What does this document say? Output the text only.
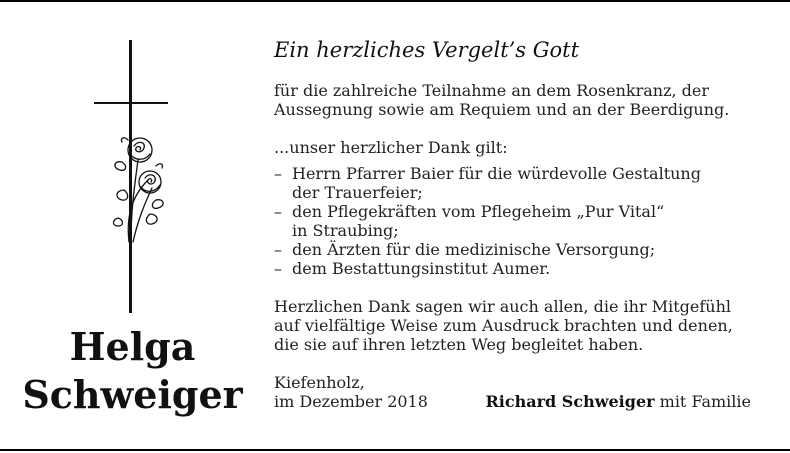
Helga
Schweiger
Ein herzliches Vergelt’s Gott
für die zahlreiche Teilnahme an dem Rosenkranz, der
Aussegnung sowie am Requiem und an der Beerdigung.
...unser herzlicher Dank gilt:
– Herrn Pfarrer Baier für die würdevolle Gestaltung
der Trauerfeier;
– den Pflegekräften vom Pflegeheim „Pur Vital“
in Straubing;
– den Ärzten für die medizinische Versorgung;
– dem Bestattungsinstitut Aumer.
Herzlichen Dank sagen wir auch allen, die ihr Mitgefühl
auf vielfältige Weise zum Ausdruck brachten und denen,
die sie auf ihren letzten Weg begleitet haben.
Kiefenholz,
im Dezember 2018	Richard Schweiger mit Familie
